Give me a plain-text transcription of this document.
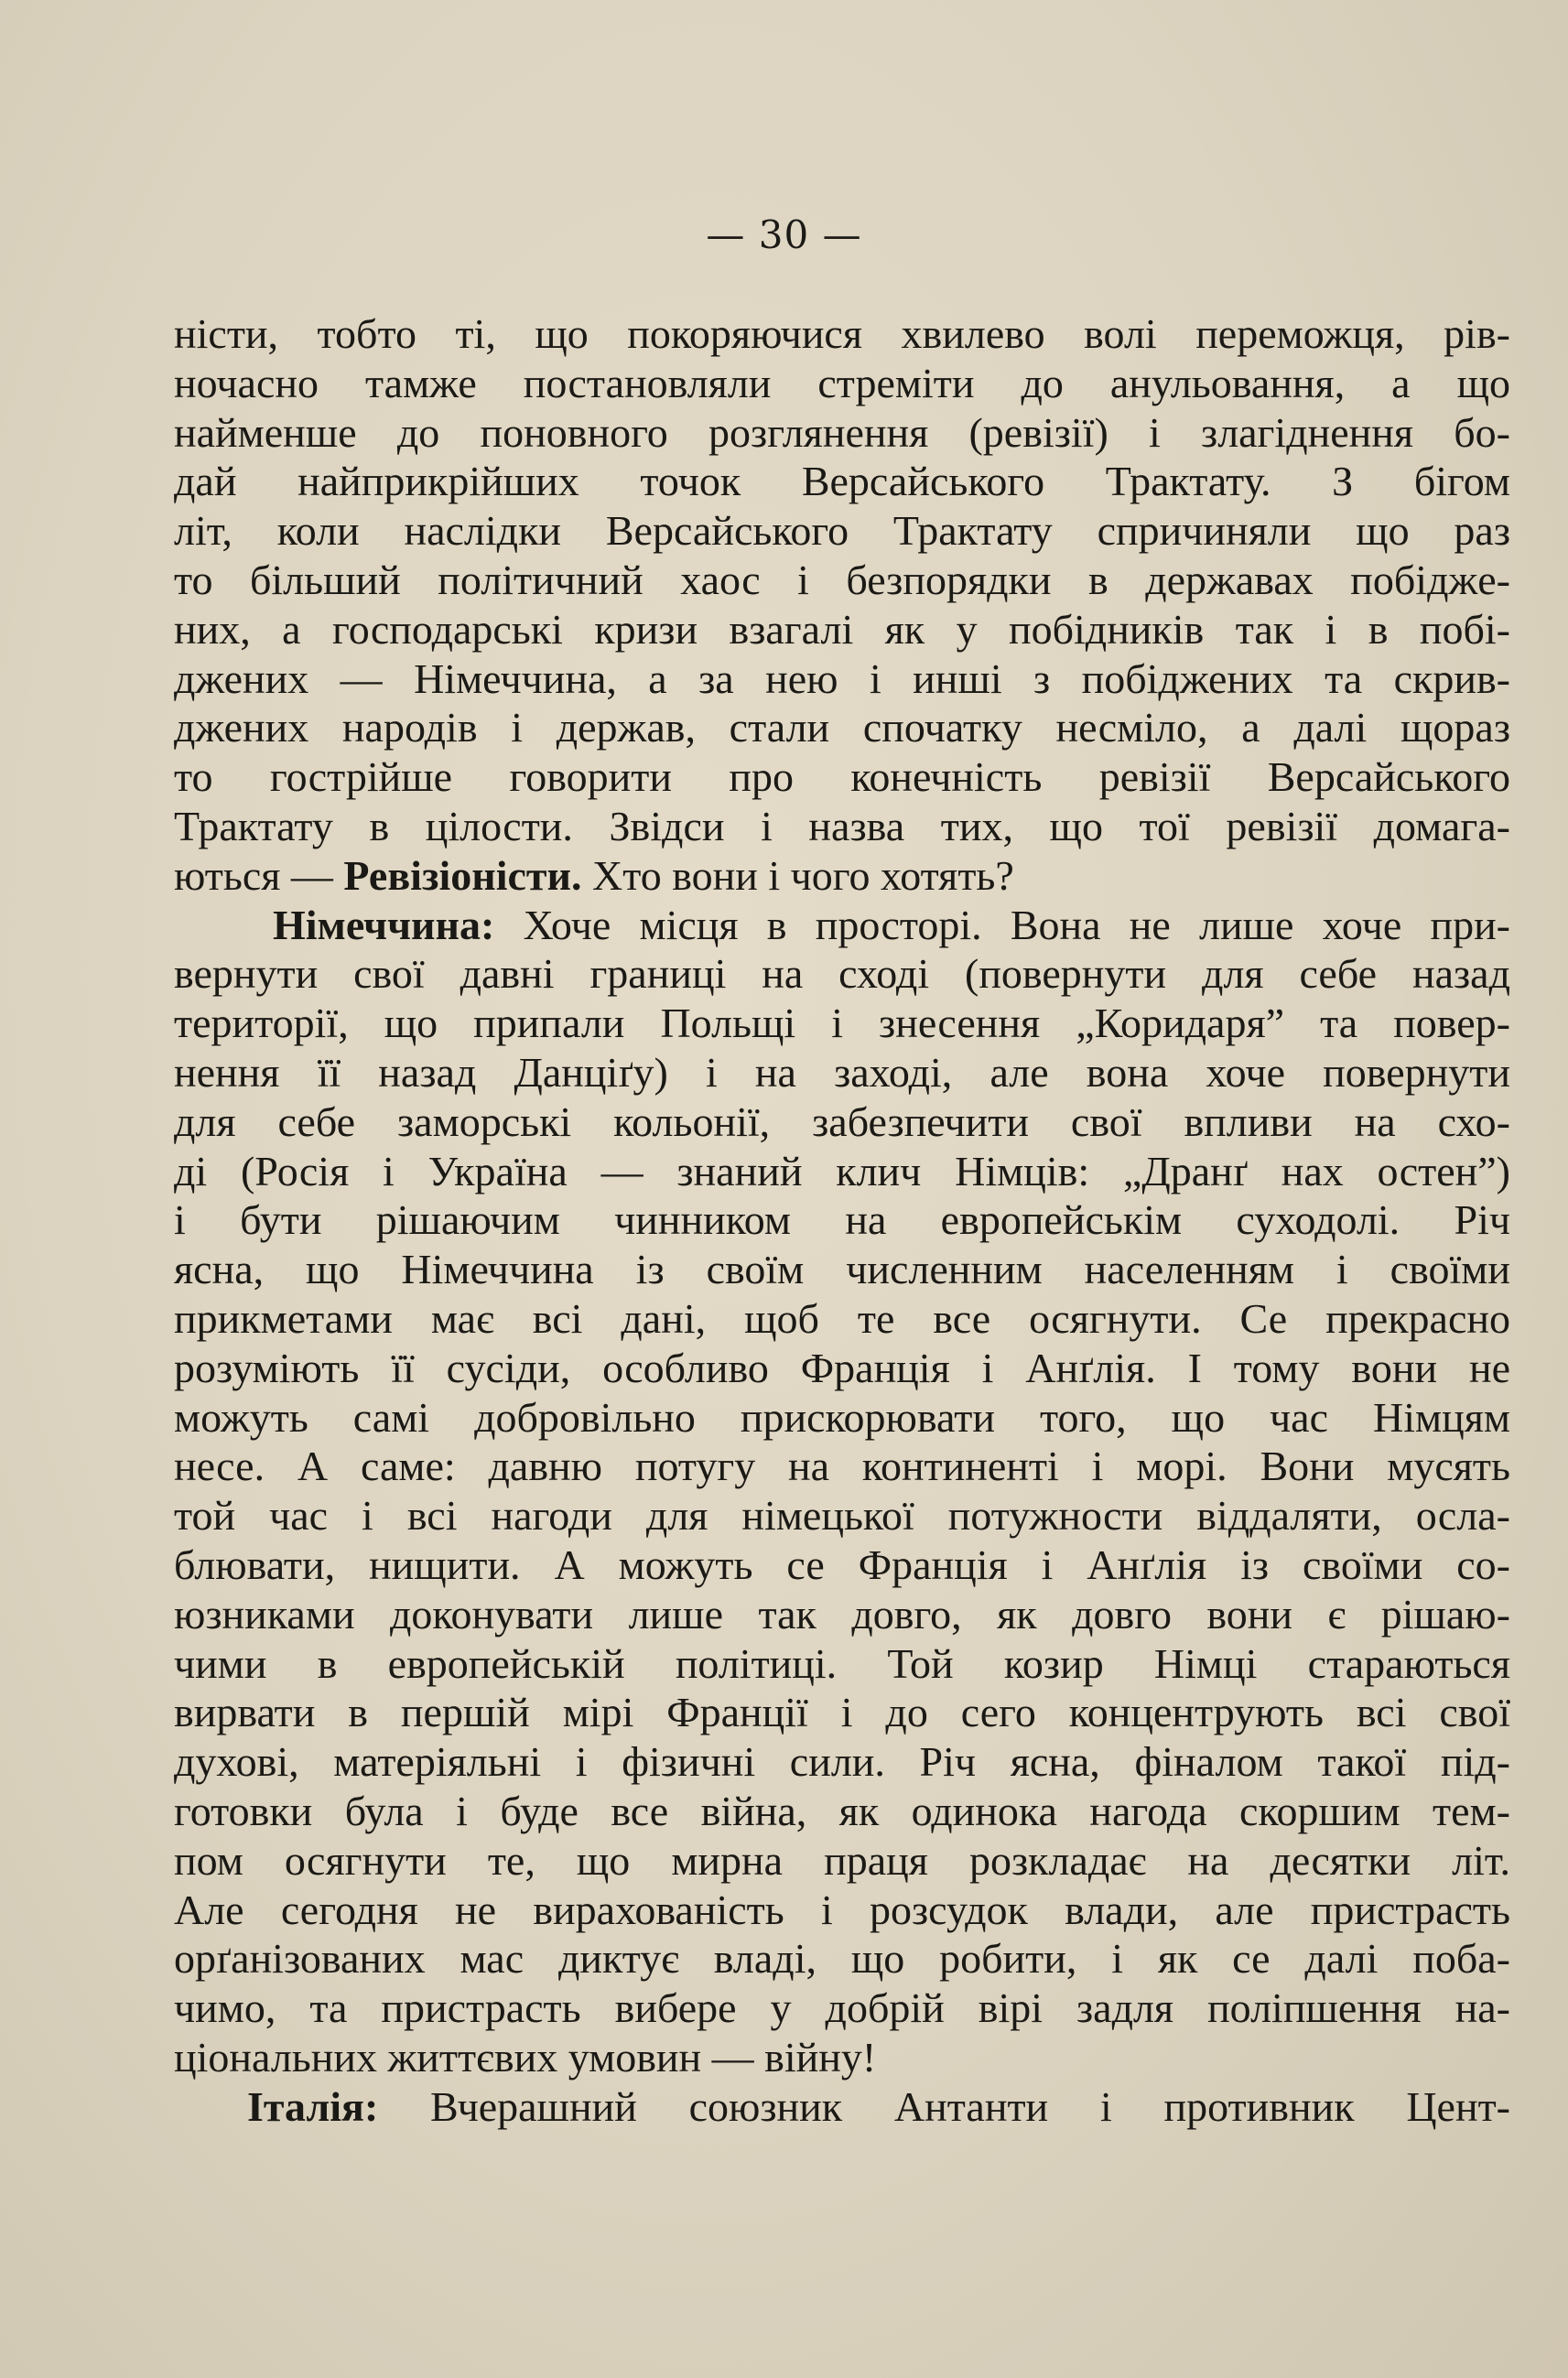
— 30 —
ністи, тобто ті, що покоряючися хвилево волі переможця, рів-
ночасно тамже постановляли стреміти до анульовання, а що
найменше до поновного розглянення (ревізії) і злагіднення бо-
дай найприкрійших точок Версайського Трактату. З бігом
літ, коли наслідки Версайського Трактату спричиняли що раз
то більший політичний хаос і безпорядки в державах побіджe-
них, а господарські кризи взагалі як у побідників так і в побі-
джених — Німеччина, а за нею і инші з побіджених та скрив-
джених народів і держав, стали спочатку несміло, а далі щораз
то гострійше говорити про конечність ревізії Версайського
Трактату в цілости. Звідси і назва тих, що тої ревізії домага-
ються — Ревізіоністи. Хто вони і чого хотять?
Німеччина: Хоче місця в просторі. Вона не лише хоче при-
вернути свої давні границі на сході (повернути для себе назад
території, що припали Польщі і знесення „Коридаря” та повер-
нення її назад Данціґу) і на заході, але вона хоче повернути
для себе заморські кольонії, забезпечити свої впливи на схо-
ді (Росія і Україна — знаний клич Німців: „Дранґ нах остен”)
і бути рішаючим чинником на европейськім суходолі. Річ
ясна, що Німеччина із своїм численним населенням і своїми
прикметами має всі дані, щоб те все осягнути. Се прекрасно
розуміють її сусіди, особливо Франція і Анґлія. І тому вони не
можуть самі добровільно прискорювати того, що час Німцям
несе. А саме: давню потугу на континенті і морі. Вони мусять
той час і всі нагоди для німецької потужности віддаляти, осла-
блювати, нищити. А можуть се Франція і Анґлія із своїми со-
юзниками доконувати лише так довго, як довго вони є рішаю-
чими в европейській політиці. Той козир Німці стараються
вирвати в першій мірі Франції і до сего концентрують всі свої
духові, матеріяльні і фізичні сили. Річ ясна, фіналом такої під-
готовки була і буде все війна, як одинока нагода скоршим тем-
пом осягнути те, що мирна праця розкладає на десятки літ.
Але сегодня не вирахованість і розсудок влади, але пристрасть
орґанізованих мас диктує владі, що робити, і як се далі поба-
чимо, та пристрасть вибере у добрій вірі задля поліпшення на-
ціональних життєвих умовин — війну!
Італія: Вчерашний союзник Антанти і противник Цент-
